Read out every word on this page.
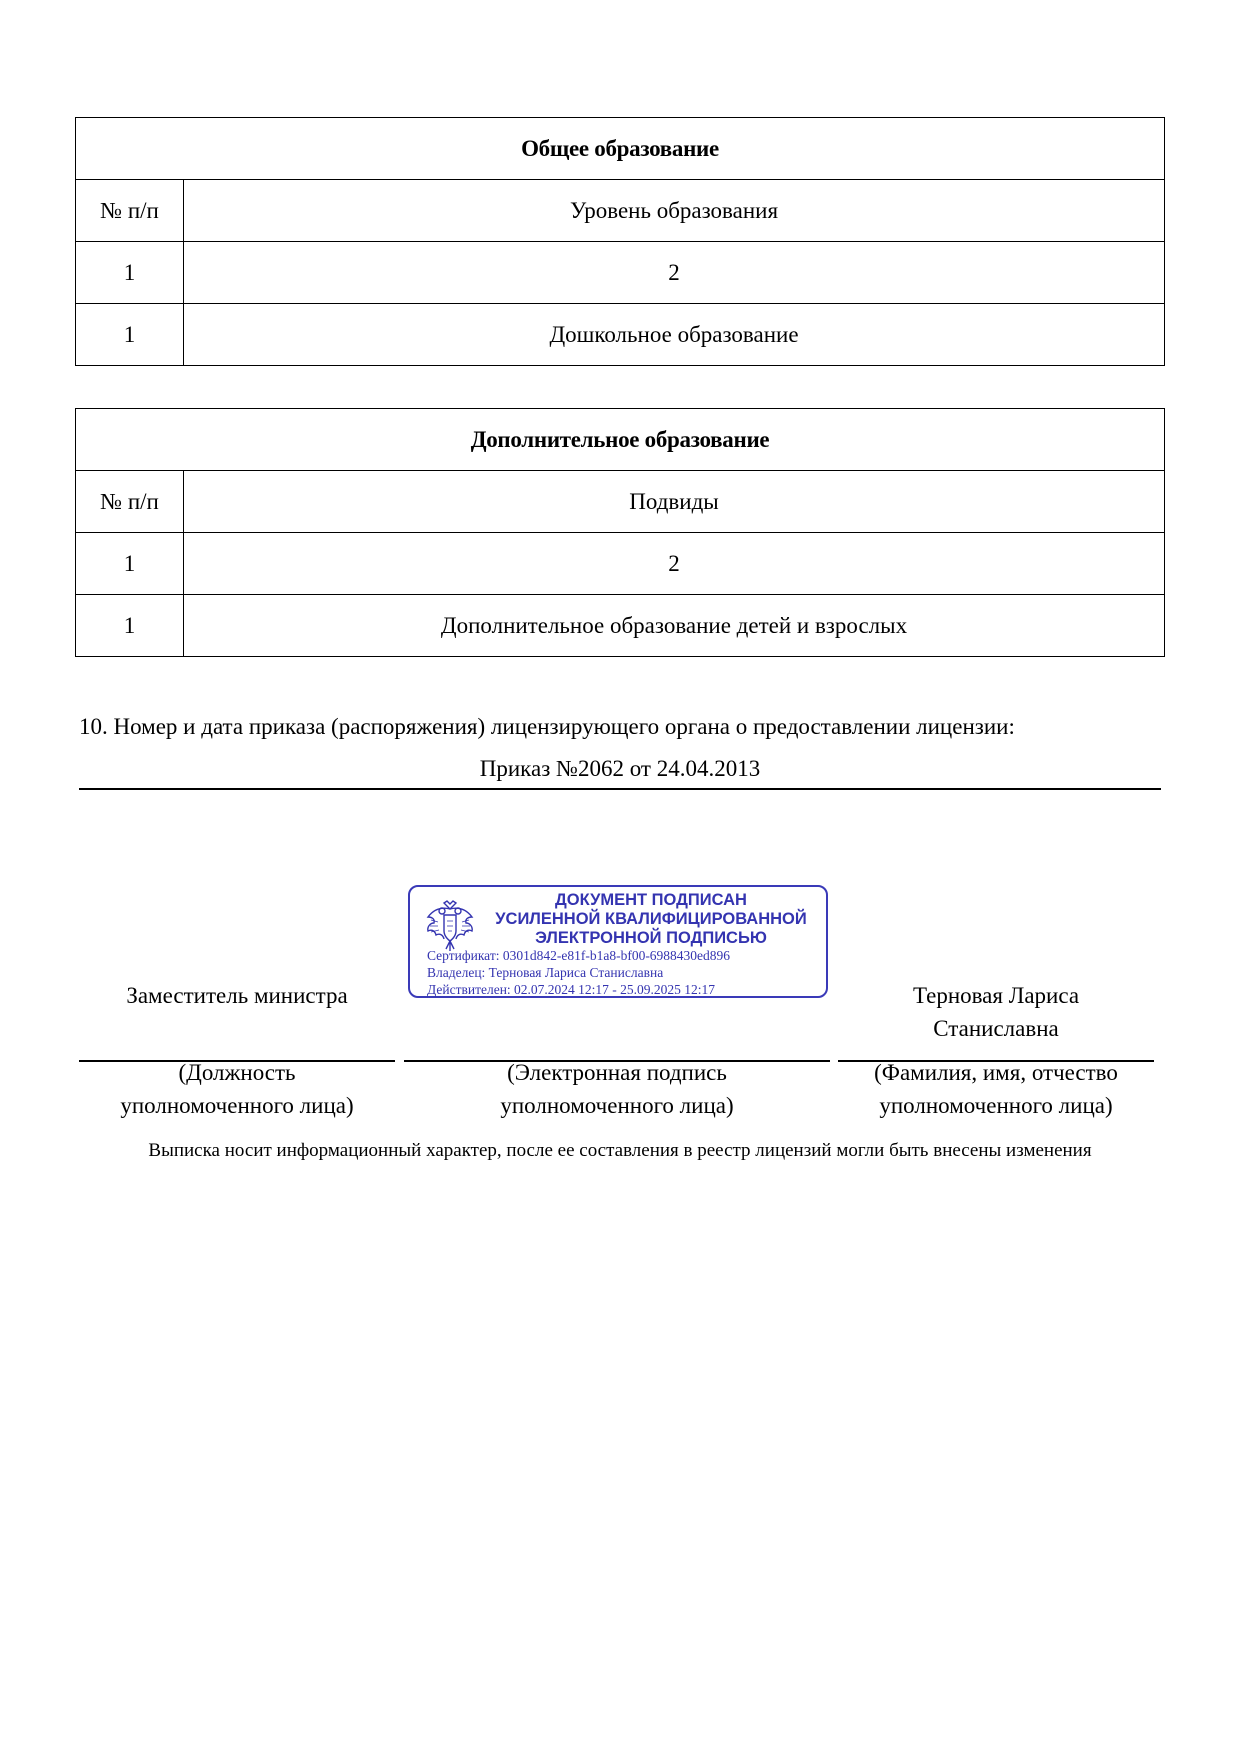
Общее образование	
№ п/п	Уровень образования
1	2
1	Дошкольное образование
Дополнительное образование	
№ п/п	Подвиды
1	2
1	Дополнительное образование детей и взрослых
10. Номер и дата приказа (распоряжения) лицензирующего органа о предоставлении лицензии:
Приказ №2062 от 24.04.2013
Заместитель министра	Терновая Лариса
Станиславна
ДОКУМЕНТ ПОДПИСАН
УСИЛЕННОЙ КВАЛИФИЦИРОВАННОЙ
ЭЛЕКТРОННОЙ ПОДПИСЬЮ
Сертификат: 0301d842-e81f-b1a8-bf00-6988430ed896
Владелец: Терновая Лариса Станиславна
Действителен: 02.07.2024 12:17 - 25.09.2025 12:17
(Должность
уполномоченного лица)
(Электронная подпись
уполномоченного лица)
(Фамилия, имя, отчество
уполномоченного лица)
Выписка носит информационный характер, после ее составления в реестр лицензий могли быть внесены изменения
